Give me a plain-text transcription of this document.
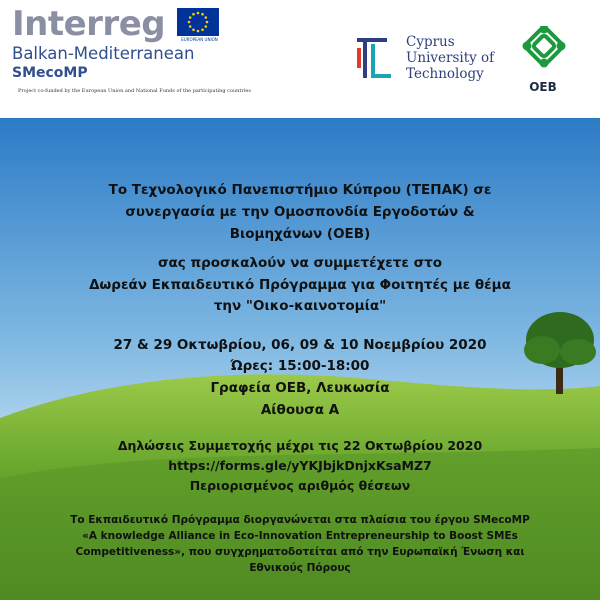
Interreg	EUROPEAN UNION
Balkan-Mediterranean
SMecoMP
Project co-funded by the European Union and National Funds of the participating countries
Cyprus
University of
Technology
OEB
Το Τεχνολογικό Πανεπιστήμιο Κύπρου (ΤΕΠΑΚ) σε
συνεργασία με την Ομοσπονδία Εργοδοτών &
Βιομηχάνων (ΟΕΒ)
σας προσκαλούν να συμμετέχετε στο
Δωρεάν Εκπαιδευτικό Πρόγραμμα για Φοιτητές με θέμα
την "Οικο-καινοτομία"
27 & 29 Οκτωβρίου, 06, 09 & 10 Νοεμβρίου 2020
Ώρες: 15:00-18:00
Γραφεία ΟΕΒ, Λευκωσία
Αίθουσα Α
Δηλώσεις Συμμετοχής μέχρι τις 22 Οκτωβρίου 2020
https://forms.gle/yYKJbjkDnjxKsaMZ7
Περιορισμένος αριθμός θέσεων
Το Εκπαιδευτικό Πρόγραμμα διοργανώνεται στα πλαίσια του έργου SMecoMP
«A knowledge Alliance in Eco-Innovation Entrepreneurship to Boost SMEs
Competitiveness», που συγχρηματοδοτείται από την Ευρωπαϊκή Ένωση και
Εθνικούς Πόρους
